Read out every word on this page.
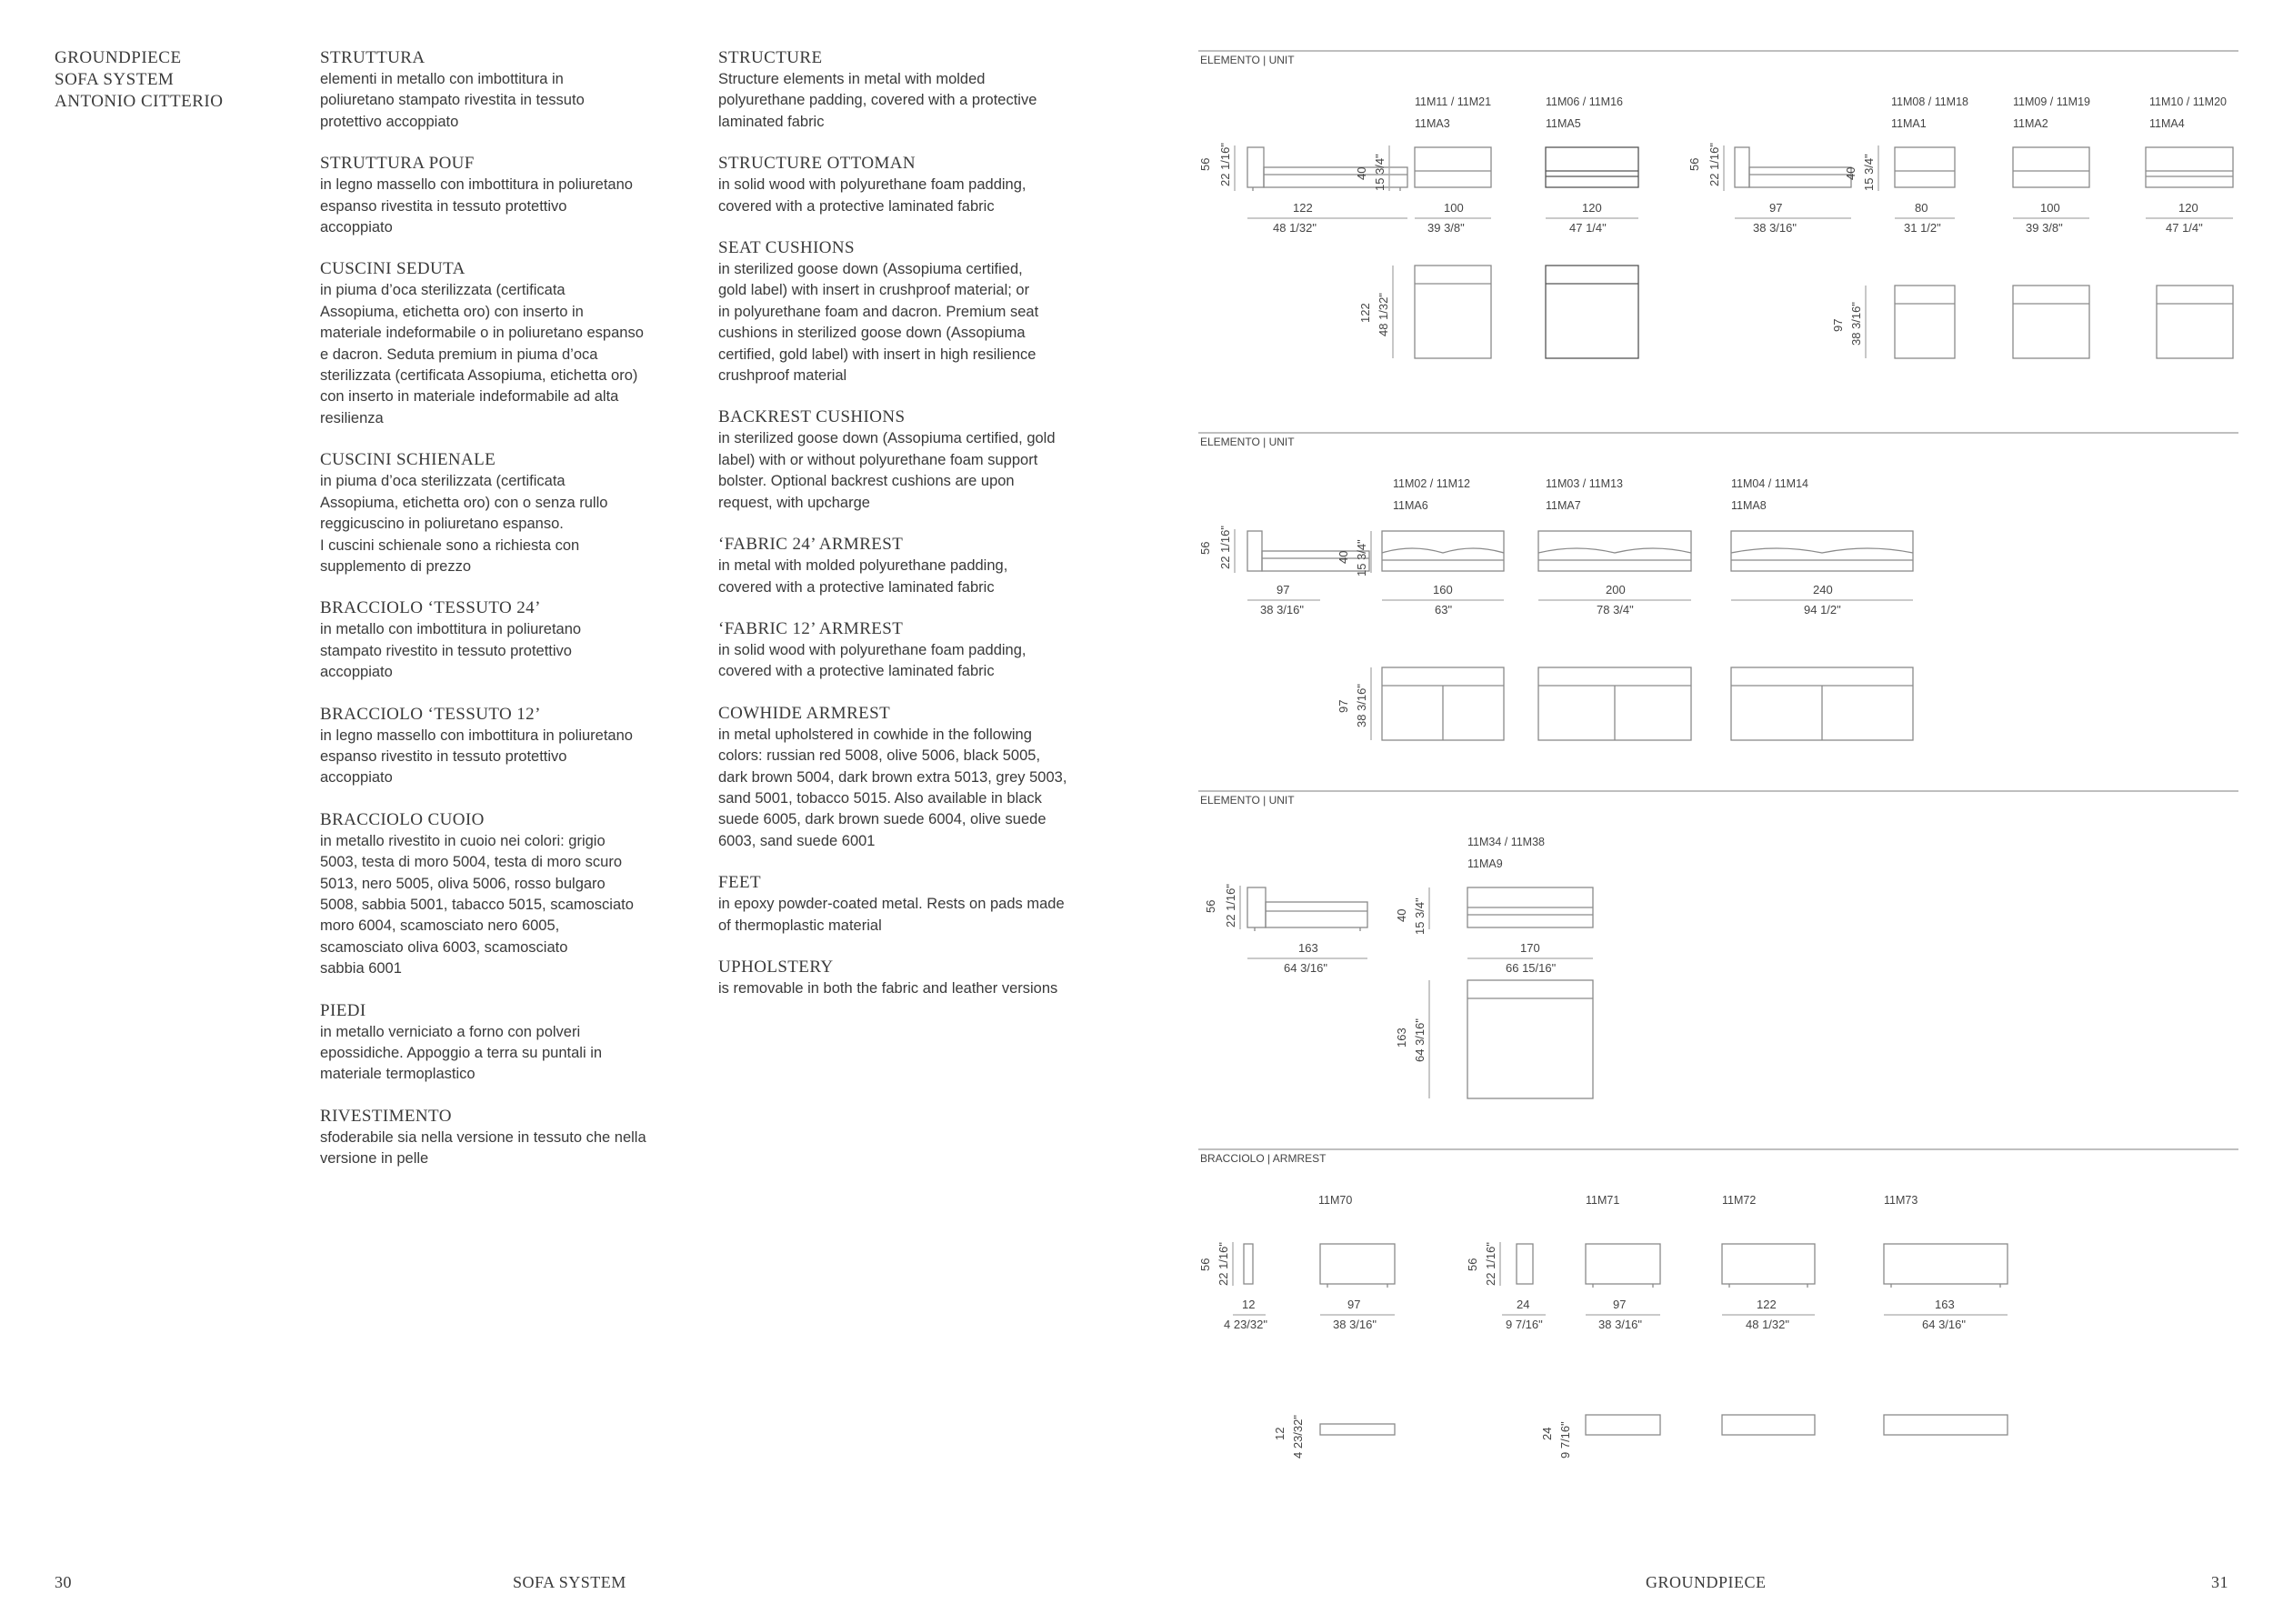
GROUNDPIECE
SOFA SYSTEM
ANTONIO CITTERIO
STRUTTURA
elementi in metallo con imbottitura in
poliuretano stampato rivestita in tessuto
protettivo accoppiato
STRUTTURA POUF
in legno massello con imbottitura in poliuretano
espanso rivestita in tessuto protettivo
accoppiato
CUSCINI SEDUTA
in piuma d’oca sterilizzata (certificata
Assopiuma, etichetta oro) con inserto in
materiale indeformabile o in poliuretano espanso
e dacron. Seduta premium in piuma d’oca
sterilizzata (certificata Assopiuma, etichetta oro)
con inserto in materiale indeformabile ad alta
resilienza
CUSCINI SCHIENALE
in piuma d’oca sterilizzata (certificata
Assopiuma, etichetta oro) con o senza rullo
reggicuscino in poliuretano espanso.
I cuscini schienale sono a richiesta con
supplemento di prezzo
BRACCIOLO ‘TESSUTO 24’
in metallo con imbottitura in poliuretano
stampato rivestito in tessuto protettivo
accoppiato
BRACCIOLO ‘TESSUTO 12’
in legno massello con imbottitura in poliuretano
espanso rivestito in tessuto protettivo
accoppiato
BRACCIOLO CUOIO
in metallo rivestito in cuoio nei colori: grigio
5003, testa di moro 5004, testa di moro scuro
5013, nero 5005, oliva 5006, rosso bulgaro
5008, sabbia 5001, tabacco 5015, scamosciato
moro 6004, scamosciato nero 6005,
scamosciato oliva 6003, scamosciato
sabbia 6001
PIEDI
in metallo verniciato a forno con polveri
epossidiche. Appoggio a terra su puntali in
materiale termoplastico
RIVESTIMENTO
sfoderabile sia nella versione in tessuto che nella
versione in pelle
STRUCTURE
Structure elements in metal with molded
polyurethane padding, covered with a protective
laminated fabric
STRUCTURE OTTOMAN
in solid wood with polyurethane foam padding,
covered with a protective laminated fabric
SEAT CUSHIONS
in sterilized goose down (Assopiuma certified,
gold label) with insert in crushproof material; or
in polyurethane foam and dacron. Premium seat
cushions in sterilized goose down (Assopiuma
certified, gold label) with insert in high resilience
crushproof material
BACKREST CUSHIONS
in sterilized goose down (Assopiuma certified, gold
label) with or without polyurethane foam support
bolster. Optional backrest cushions are upon
request, with upcharge
‘FABRIC 24’ ARMREST
in metal with molded polyurethane padding,
covered with a protective laminated fabric
‘FABRIC 12’ ARMREST
in solid wood with polyurethane foam padding,
covered with a protective laminated fabric
COWHIDE ARMREST
in metal upholstered in cowhide in the following
colors: russian red 5008, olive 5006, black 5005,
dark brown 5004, dark brown extra 5013, grey 5003,
sand 5001, tobacco 5015. Also available in black
suede 6005, dark brown suede 6004, olive suede
6003, sand suede 6001
FEET
in epoxy powder-coated metal. Rests on pads made
of thermoplastic material
UPHOLSTERY
is removable in both the fabric and leather versions
ELEMENTO | UNIT
56 22 1/16"
122
48 1/32"
40 15 3/4"
11M11 / 11M21
11MA3
100
39 3/8"
11M06 / 11M16
11MA5
120
47 1/4"
122 48 1/32"
56 22 1/16"
97
38 3/16"
40 15 3/4"
11M08 / 11M18
11MA1
80
31 1/2"
11M09 / 11M19
11MA2
100
39 3/8"
11M10 / 11M20
11MA4
120
47 1/4"
97 38 3/16"
ELEMENTO | UNIT
56 22 1/16"
97
38 3/16"
40 15 3/4"
11M02 / 11M12
11MA6
160
63"
11M03 / 11M13
11MA7
200
78 3/4"
11M04 / 11M14
11MA8
240
94 1/2"
97 38 3/16"
ELEMENTO | UNIT
56 22 1/16"
163
64 3/16"
40 15 3/4"
11M34 / 11M38
11MA9
170
66 15/16"
163 64 3/16"
BRACCIOLO | ARMREST
11M70
56 22 1/16"
12
4 23/32"
97
38 3/16"
12 4 23/32"
11M71
56 22 1/16"
24
9 7/16"
97
38 3/16"
24 9 7/16"
11M72
122
48 1/32"
11M73
163
64 3/16"
30	SOFA SYSTEM	GROUNDPIECE	31
